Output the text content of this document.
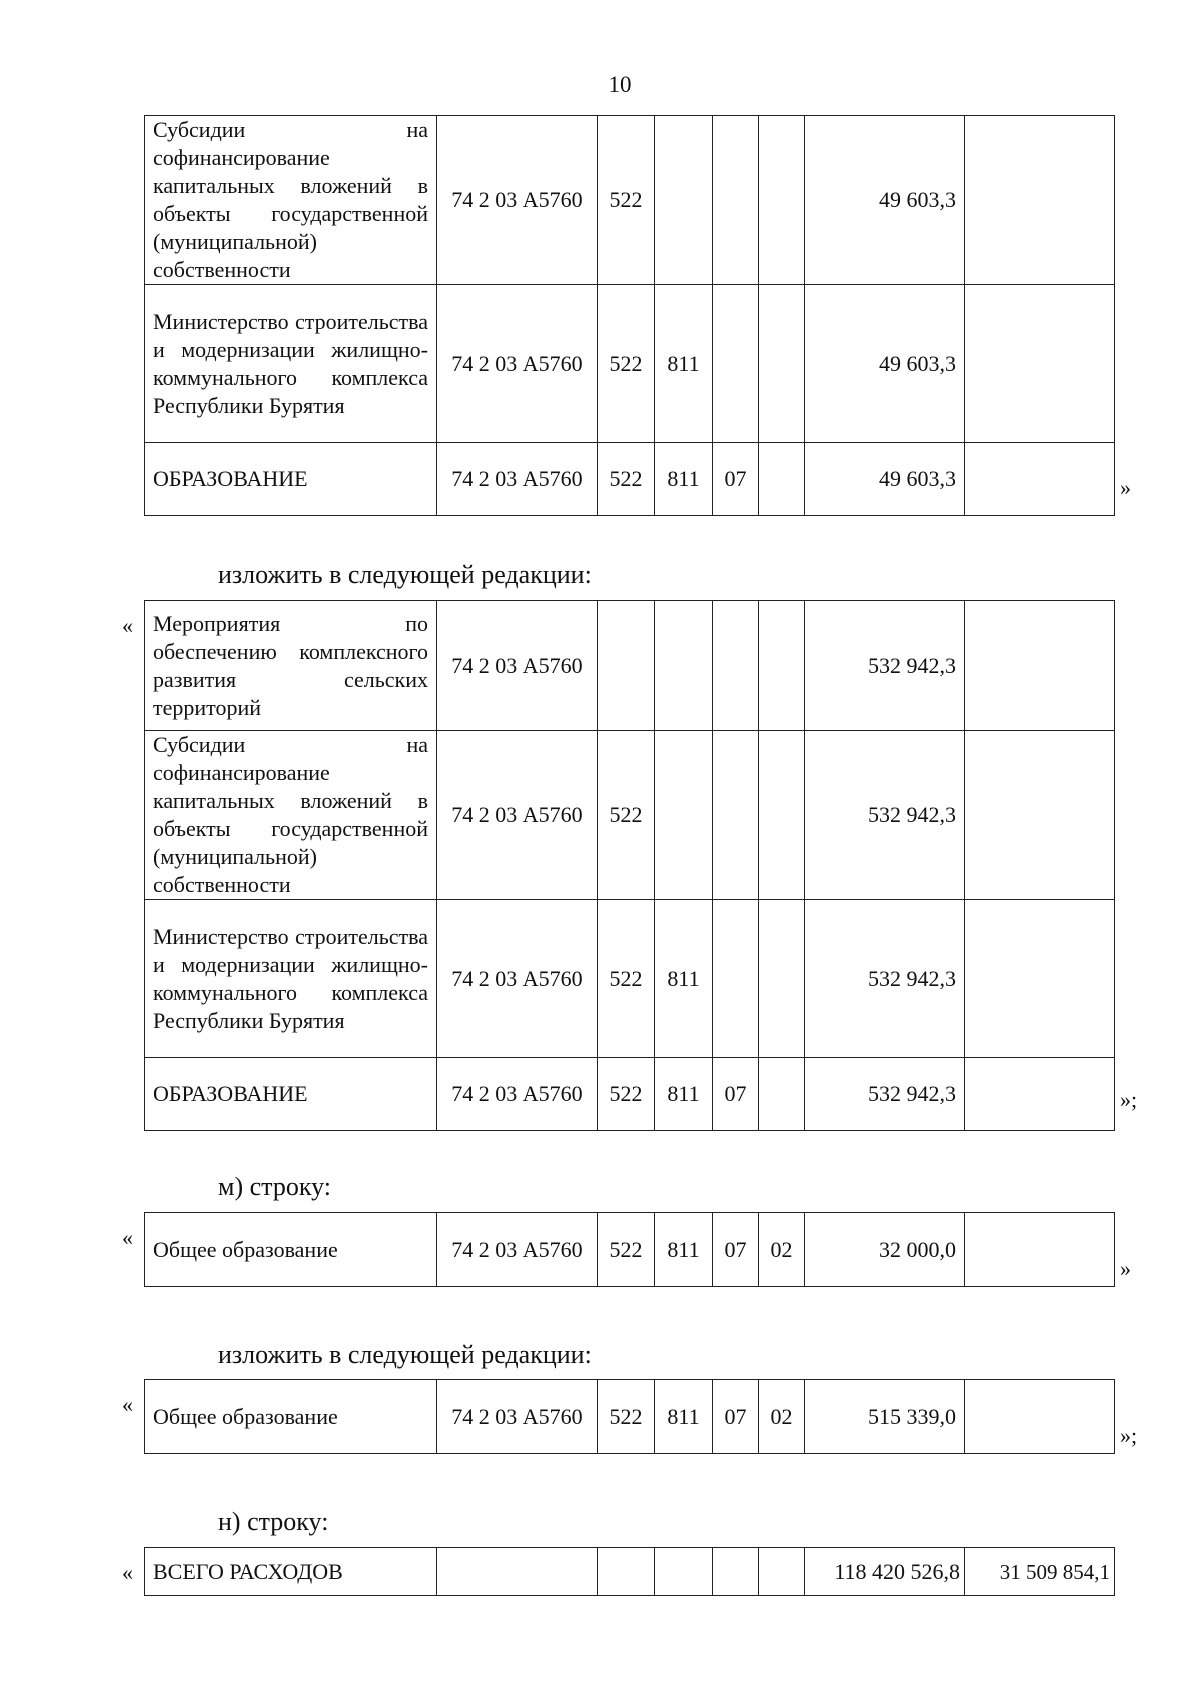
10
Субсидии на софинансирование капитальных вложений в объекты государственной (муниципальной) собственности	74 2 03 А5760	522				49 603,3	
Министерство строительства и модернизации жилищно-коммунального комплекса Республики Бурятия	74 2 03 А5760	522	811			49 603,3	
ОБРАЗОВАНИЕ	74 2 03 А5760	522	811	07		49 603,3		»
изложить в следующей редакции:
« Мероприятия по обеспечению комплексного развития сельских территорий	74 2 03 А5760					532 942,3	
Субсидии на софинансирование капитальных вложений в объекты государственной (муниципальной) собственности	74 2 03 А5760	522				532 942,3	
Министерство строительства и модернизации жилищно-коммунального комплекса Республики Бурятия	74 2 03 А5760	522	811			532 942,3	
ОБРАЗОВАНИЕ	74 2 03 А5760	522	811	07		532 942,3		»;
м) строку:
« Общее образование	74 2 03 А5760	522	811	07	02	32 000,0	
»
изложить в следующей редакции:
« Общее образование	74 2 03 А5760	522	811	07	02	515 339,0	
»;
н) строку:
« ВСЕГО РАСХОДОВ						118 420 526,8	31 509 854,1
